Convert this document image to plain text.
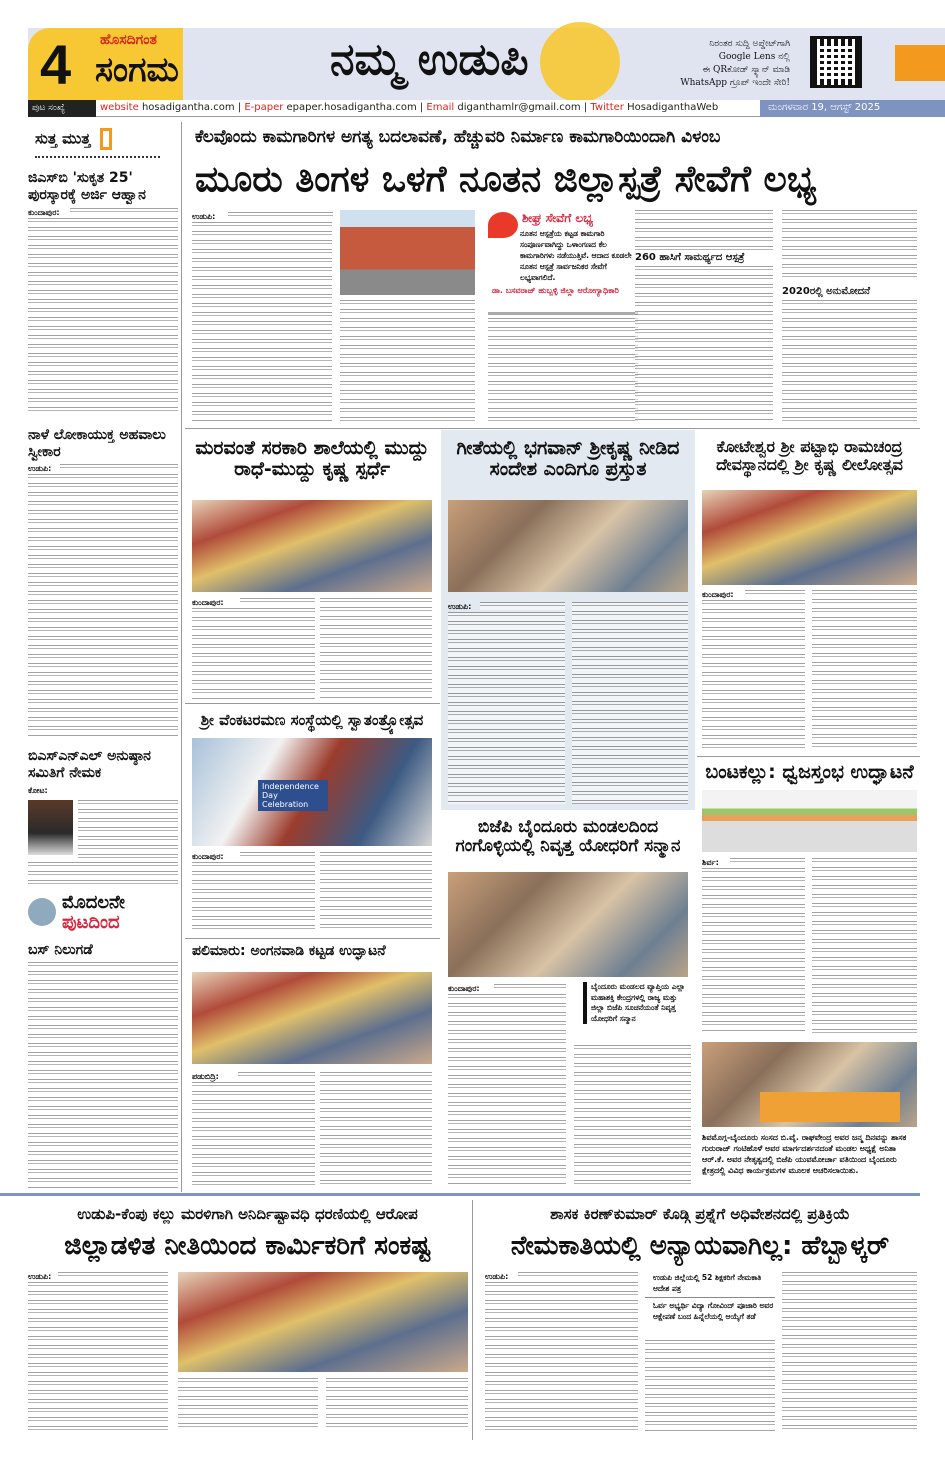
4 ಹೊಸದಿಗಂತ
ಸಂಗಮ	ನಮ್ಮ ಉಡುಪಿ	ನಿರಂತರ ಸುದ್ದಿ ಅಪ್ಡೇಟ್‌ಗಾಗಿ
Google Lens ನಲ್ಲಿ
ಈ QRಕೋಡ್ ಸ್ಕ್ಯಾನ್ ಮಾಡಿ
WhatsApp ಗ್ರೂಪ್ ಇಂದೇ ಸೇರಿ!
ಪುಟ ಸಂಖ್ಯೆ	website hosadigantha.com | E-paper epaper.hosadigantha.com | Email diganthamlr@gmail.com | Twitter HosadiganthaWeb	ಮಂಗಳವಾರ 19, ಆಗಸ್ಟ್ 2025
ಸುತ್ತ ಮುತ್ತ
ಜಿಎಸ್‌ಬಿ 'ಸುಕೃತ 25' ಪುರಸ್ಕಾರಕ್ಕೆ ಅರ್ಜಿ ಆಹ್ವಾನ
ಕುಂದಾಪುರ:
ನಾಳೆ ಲೋಕಾಯುಕ್ತ ಅಹವಾಲು ಸ್ವೀಕಾರ
ಉಡುಪಿ:
ಬಿಎಸ್ಎನ್ಎಲ್ ಅನುಷ್ಠಾನ ಸಮಿತಿಗೆ ನೇಮಕ
ಕೋಟ:
ಮೊದಲನೇ
ಪುಟದಿಂದ
ಬಸ್ ನಿಲುಗಡೆ
ಕೆಲವೊಂದು ಕಾಮಗಾರಿಗಳ ಅಗತ್ಯ ಬದಲಾವಣೆ, ಹೆಚ್ಚುವರಿ ನಿರ್ಮಾಣ ಕಾಮಗಾರಿಯಿಂದಾಗಿ ವಿಳಂಬ
ಮೂರು ತಿಂಗಳ ಒಳಗೆ ನೂತನ ಜಿಲ್ಲಾಸ್ಪತ್ರೆ ಸೇವೆಗೆ ಲಭ್ಯ
ಉಡುಪಿ:	ಶೀಘ್ರ ಸೇವೆಗೆ ಲಭ್ಯ
ನೂತನ ಆಸ್ಪತ್ರೆಯ ಕಟ್ಟಡ ಕಾಮಗಾರಿ ಸಂಪೂರ್ಣವಾಗಿದ್ದು ಒಳಾಂಗಣದ ಕೆಲ ಕಾಮಗಾರಿಗಳು ನಡೆಯುತ್ತಿವೆ. ಆದಾದ ಕೂಡಲೇ ನೂತನ ಆಸ್ಪತ್ರೆ ಸಾರ್ವಜನಿಕರ ಸೇವೆಗೆ ಲಭ್ಯವಾಗಲಿದೆ.
ಡಾ. ಬಸವರಾಜ್ ಹುಬ್ಬಳ್ಳಿ ಜಿಲ್ಲಾ ಆರೋಗ್ಯಾಧಿಕಾರಿ
260 ಹಾಸಿಗೆ ಸಾಮರ್ಥ್ಯದ ಆಸ್ಪತ್ರೆ
2020ರಲ್ಲಿ ಅನುಮೋದನೆ
ಮರವಂತೆ ಸರಕಾರಿ ಶಾಲೆಯಲ್ಲಿ ಮುದ್ದು ರಾಧೆ-ಮುದ್ದು ಕೃಷ್ಣ ಸ್ಪರ್ಧೆ
ಕುಂದಾಪುರ:
ಗೀತೆಯಲ್ಲಿ ಭಗವಾನ್ ಶ್ರೀಕೃಷ್ಣ ನೀಡಿದ ಸಂದೇಶ ಎಂದಿಗೂ ಪ್ರಸ್ತುತ
ಉಡುಪಿ:
ಕೋಟೇಶ್ವರ ಶ್ರೀ ಪಟ್ಟಾಭಿ ರಾಮಚಂದ್ರ ದೇವಸ್ಥಾನದಲ್ಲಿ ಶ್ರೀ ಕೃಷ್ಣ ಲೀಲೋತ್ಸವ
ಕುಂದಾಪುರ:
ಶ್ರೀ ವೆಂಕಟರಮಣ ಸಂಸ್ಥೆಯಲ್ಲಿ ಸ್ವಾತಂತ್ರ್ಯೋತ್ಸವ
Independence Day Celebration
ಕುಂದಾಪುರ:
ಬಂಟಕಲ್ಲು: ಧ್ವಜಸ್ತಂಭ ಉದ್ಘಾಟನೆ
ಶಿರ್ವ:
ಬಿಜೆಪಿ ಬೈಂದೂರು ಮಂಡಲದಿಂದ ಗಂಗೊಳ್ಳಿಯಲ್ಲಿ ನಿವೃತ್ತ ಯೋಧರಿಗೆ ಸನ್ಮಾನ
ಕುಂದಾಪುರ:	ಬೈಂದೂರು ಮಂಡಲದ ವ್ಯಾಪ್ತಿಯ ಎಲ್ಲಾ ಮಹಾಶಕ್ತಿ ಕೇಂದ್ರಗಳಲ್ಲಿ ರಾಜ್ಯ ಮತ್ತು ಜಿಲ್ಲಾ ಬಿಜೆಪಿ ಸೂಚನೆಯಂತೆ ನಿವೃತ್ತ ಯೋಧರಿಗೆ ಸನ್ಮಾನ
ಪಲಿಮಾರು: ಅಂಗನವಾಡಿ ಕಟ್ಟಡ ಉದ್ಘಾಟನೆ
ಪಡುಬಿದ್ರಿ:
ಶಿವಮೊಗ್ಗ-ಬೈಂದೂರು ಸಂಸದ ಬಿ.ವೈ. ರಾಘವೇಂದ್ರ ಅವರ ಜನ್ಮ ದಿನವನ್ನು ಶಾಸಕ ಗುರುರಾಜ್ ಗಂಟಿಹೊಳೆ ಅವರ ಮಾರ್ಗದರ್ಶನದಂತೆ ಮಂಡಲ ಅಧ್ಯಕ್ಷೆ ಅನಿತಾ ಆರ್.ಕೆ. ಅವರ ನೇತೃತ್ವದಲ್ಲಿ ಬಿಜೆಪಿ ಯುವಮೋರ್ಚಾ ವತಿಯಿಂದ ಬೈಂದೂರು ಕ್ಷೇತ್ರದಲ್ಲಿ ವಿವಿಧ ಕಾರ್ಯಕ್ರಮಗಳ ಮೂಲಕ ಆಚರಿಸಲಾಯಿತು.
ಉಡುಪಿ-ಕೆಂಪು ಕಲ್ಲು ಮರಳಿಗಾಗಿ ಅನಿರ್ದಿಷ್ಟಾವಧಿ ಧರಣಿಯಲ್ಲಿ ಆರೋಪ
ಜಿಲ್ಲಾಡಳಿತ ನೀತಿಯಿಂದ ಕಾರ್ಮಿಕರಿಗೆ ಸಂಕಷ್ಟ
ಉಡುಪಿ:
ಶಾಸಕ ಕಿರಣ್‌ಕುಮಾರ್ ಕೊಡ್ಗಿ ಪ್ರಶ್ನೆಗೆ ಅಧಿವೇಶನದಲ್ಲಿ ಪ್ರತಿಕ್ರಿಯೆ
ನೇಮಕಾತಿಯಲ್ಲಿ ಅನ್ಯಾಯವಾಗಿಲ್ಲ: ಹೆಬ್ಬಾಳ್ಕರ್
ಉಡುಪಿ:	ಉಡುಪಿ ಜಿಲ್ಲೆಯಲ್ಲಿ 52 ಶಿಕ್ಷಕರಿಗೆ ನೇಮಕಾತಿ ಆದೇಶ ಪತ್ರ
ಓರ್ವ ಅಭ್ಯರ್ಥಿ ವಿದ್ಯಾ ಗೋವಿಂದ್ ಪೂಜಾರಿ ಅವರ ಆಕ್ಷೇಪಣೆ ಬಂದ ಹಿನ್ನೆಲೆಯಲ್ಲಿ ಆಯ್ಕೆಗೆ ತಡೆ
